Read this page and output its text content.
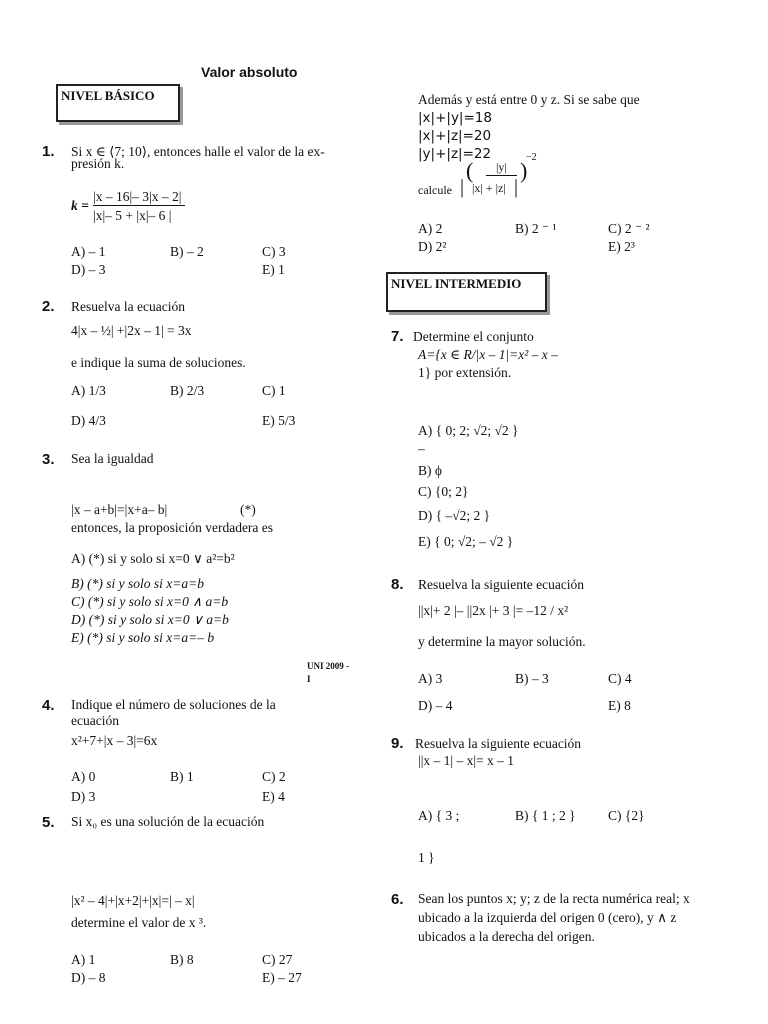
Valor absoluto
NIVEL BÁSICO
1. Si x ∈ ⟨7; 10⟩, entonces halle el valor de la ex-
presión k.
k =
|x – 16|– 3|x – 2|
|x|– 5 + |x|– 6 |
A) – 1	B) – 2	C) 3
D) – 3	E) 1
2. Resuelva la ecuación
4|x – ½| +|2x – 1| = 3x
e indique la suma de soluciones.
A) 1/3	B) 2/3	C) 1
D) 4/3	E) 5/3
3. Sea la igualdad
|x – a+b|=|x+a– b|	(*)
entonces, la proposición verdadera es
A) (*) si y solo si x=0 ∨ a²=b²
B) (*) si y solo si x=a=b
C) (*) si y solo si x=0 ∧ a=b
D) (*) si y solo si x=0 ∨ a=b
E) (*) si y solo si x=a=– b
UNI 2009 -
I
4. Indique el número de soluciones de la
ecuación
x²+7+|x – 3|=6x
A) 0	B) 1	C) 2
D) 3	E) 4
5. Si x₀ es una solución de la ecuación
|x² – 4|+|x+2|+|x|=| – x|
determine el valor de x ³.
A) 1	B) 8	C) 27
D) – 8	E) – 27
Además y está entre 0 y z. Si se sabe que
|x|+|y|=18
|x|+|z|=20
|y|+|z|=22
calcule
(
|
|y|
|x| + |z| |
)
−2
A) 2	B) 2 ⁻ ¹	C) 2 ⁻ ²
D) 2²	E) 2³
NIVEL INTERMEDIO
7. Determine el conjunto
A={x ∈ R/|x – 1|=x² – x –
1} por extensión.
A) { 0; 2; √2; √2 }
–
B) ϕ
C) {0; 2}
D) { –√2; 2 }
E) { 0; √2; – √2 }
8. Resuelva la siguiente ecuación
||x|+ 2 |– ||2x |+ 3 |= –12 / x²
y determine la mayor solución.
A) 3	B) – 3	C) 4
D) – 4	E) 8
9. Resuelva la siguiente ecuación
||x – 1| – x|= x – 1
A) { 3 ;	B) { 1 ; 2 } C) {2}
1 }
6. Sean los puntos x; y; z de la recta numérica real; x
ubicado a la izquierda del origen 0 (cero), y ∧ z
ubicados a la derecha del origen.
